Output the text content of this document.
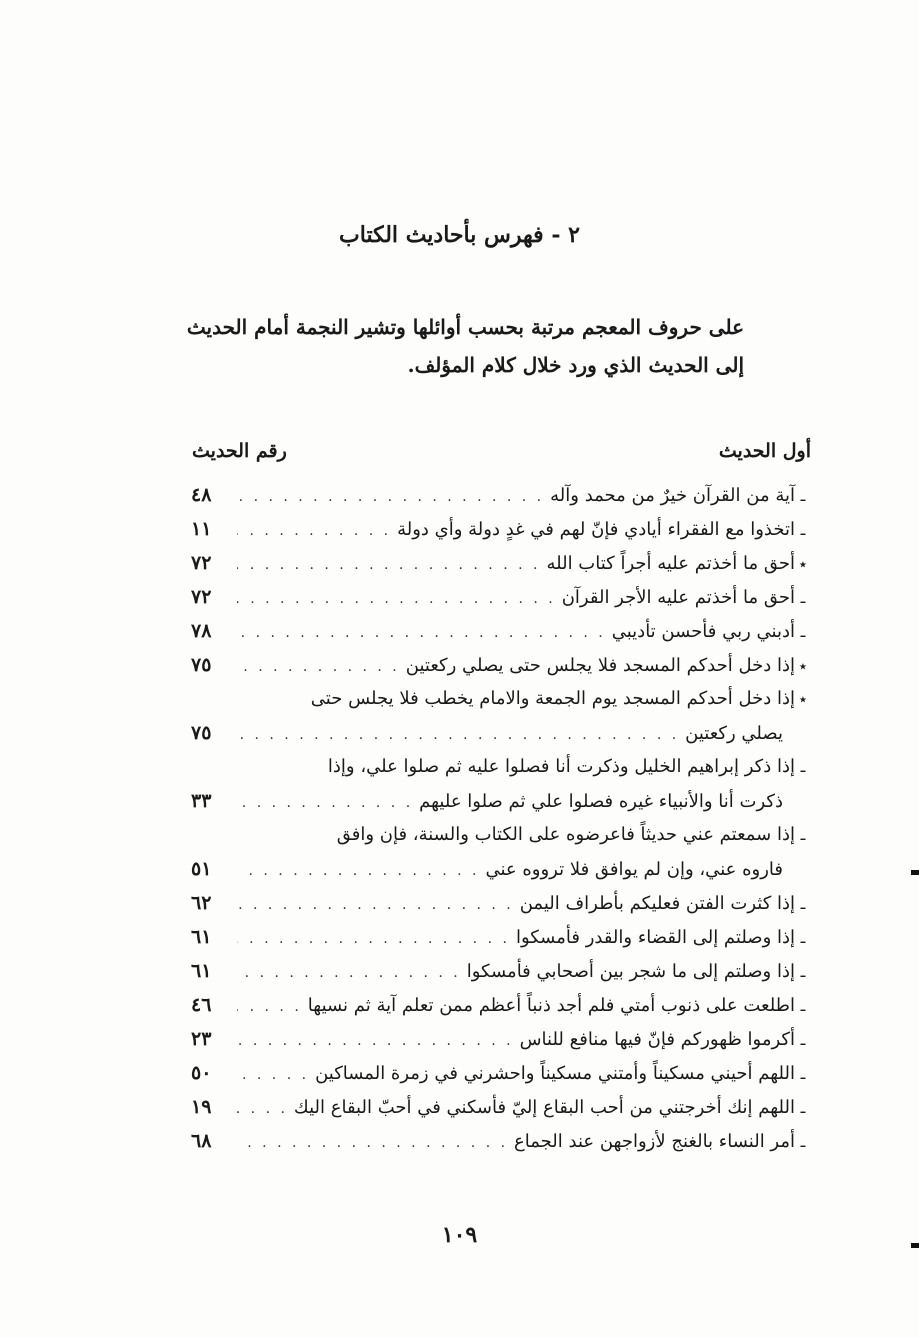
٢ - فهرس بأحاديث الكتاب
على حروف المعجم مرتبة بحسب أوائلها وتشير النجمة أمام الحديث
إلى الحديث الذي ورد خلال كلام المؤلف.
أول الحديث
رقم الحديث
ـ
آية من القرآن خيرٌ من محمد وآله
. . .
٤٨
ـ
اتخذوا مع الفقراء أيادي فإنّ لهم في غدٍ دولة وأي دولة
. . .
١١
٭
أحق ما أخذتم عليه أجراً كتاب الله
. . .
٧٢
ـ
أحق ما أخذتم عليه الأجر القرآن
. . .
٧٢
ـ
أدبني ربي فأحسن تأديبي
. . .
٧٨
٭
إذا دخل أحدكم المسجد فلا يجلس حتى يصلي ركعتين
. . .
٧٥
٭
إذا دخل أحدكم المسجد يوم الجمعة والامام يخطب فلا يجلس حتى
يصلي ركعتين
. . .
٧٥
ـ
إذا ذكر إبراهيم الخليل وذكرت أنا فصلوا عليه ثم صلوا علي، وإذا
ذكرت أنا والأنبياء غيره فصلوا علي ثم صلوا عليهم
. . .
٣٣
ـ
إذا سمعتم عني حديثاً فاعرضوه على الكتاب والسنة، فإن وافق
فاروه عني، وإن لم يوافق فلا ترووه عني
. . .
٥١
ـ
إذا كثرت الفتن فعليكم بأطراف اليمن
. . .
٦٢
ـ
إذا وصلتم إلى القضاء والقدر فأمسكوا
. . .
٦١
ـ
إذا وصلتم إلى ما شجر بين أصحابي فأمسكوا
. . .
٦١
ـ
اطلعت على ذنوب أمتي فلم أجد ذنباً أعظم ممن تعلم آية ثم نسيها
. . .
٤٦
ـ
أكرموا ظهوركم فإنّ فيها منافع للناس
. . .
٢٣
ـ
اللهم أحيني مسكيناً وأمتني مسكيناً واحشرني في زمرة المساكين
. . .
٥٠
ـ
اللهم إنك أخرجتني من أحب البقاع إليّ فأسكني في أحبّ البقاع اليك
. . .
١٩
ـ
أمر النساء بالغنج لأزواجهن عند الجماع
. . .
٦٨
١٠٩
